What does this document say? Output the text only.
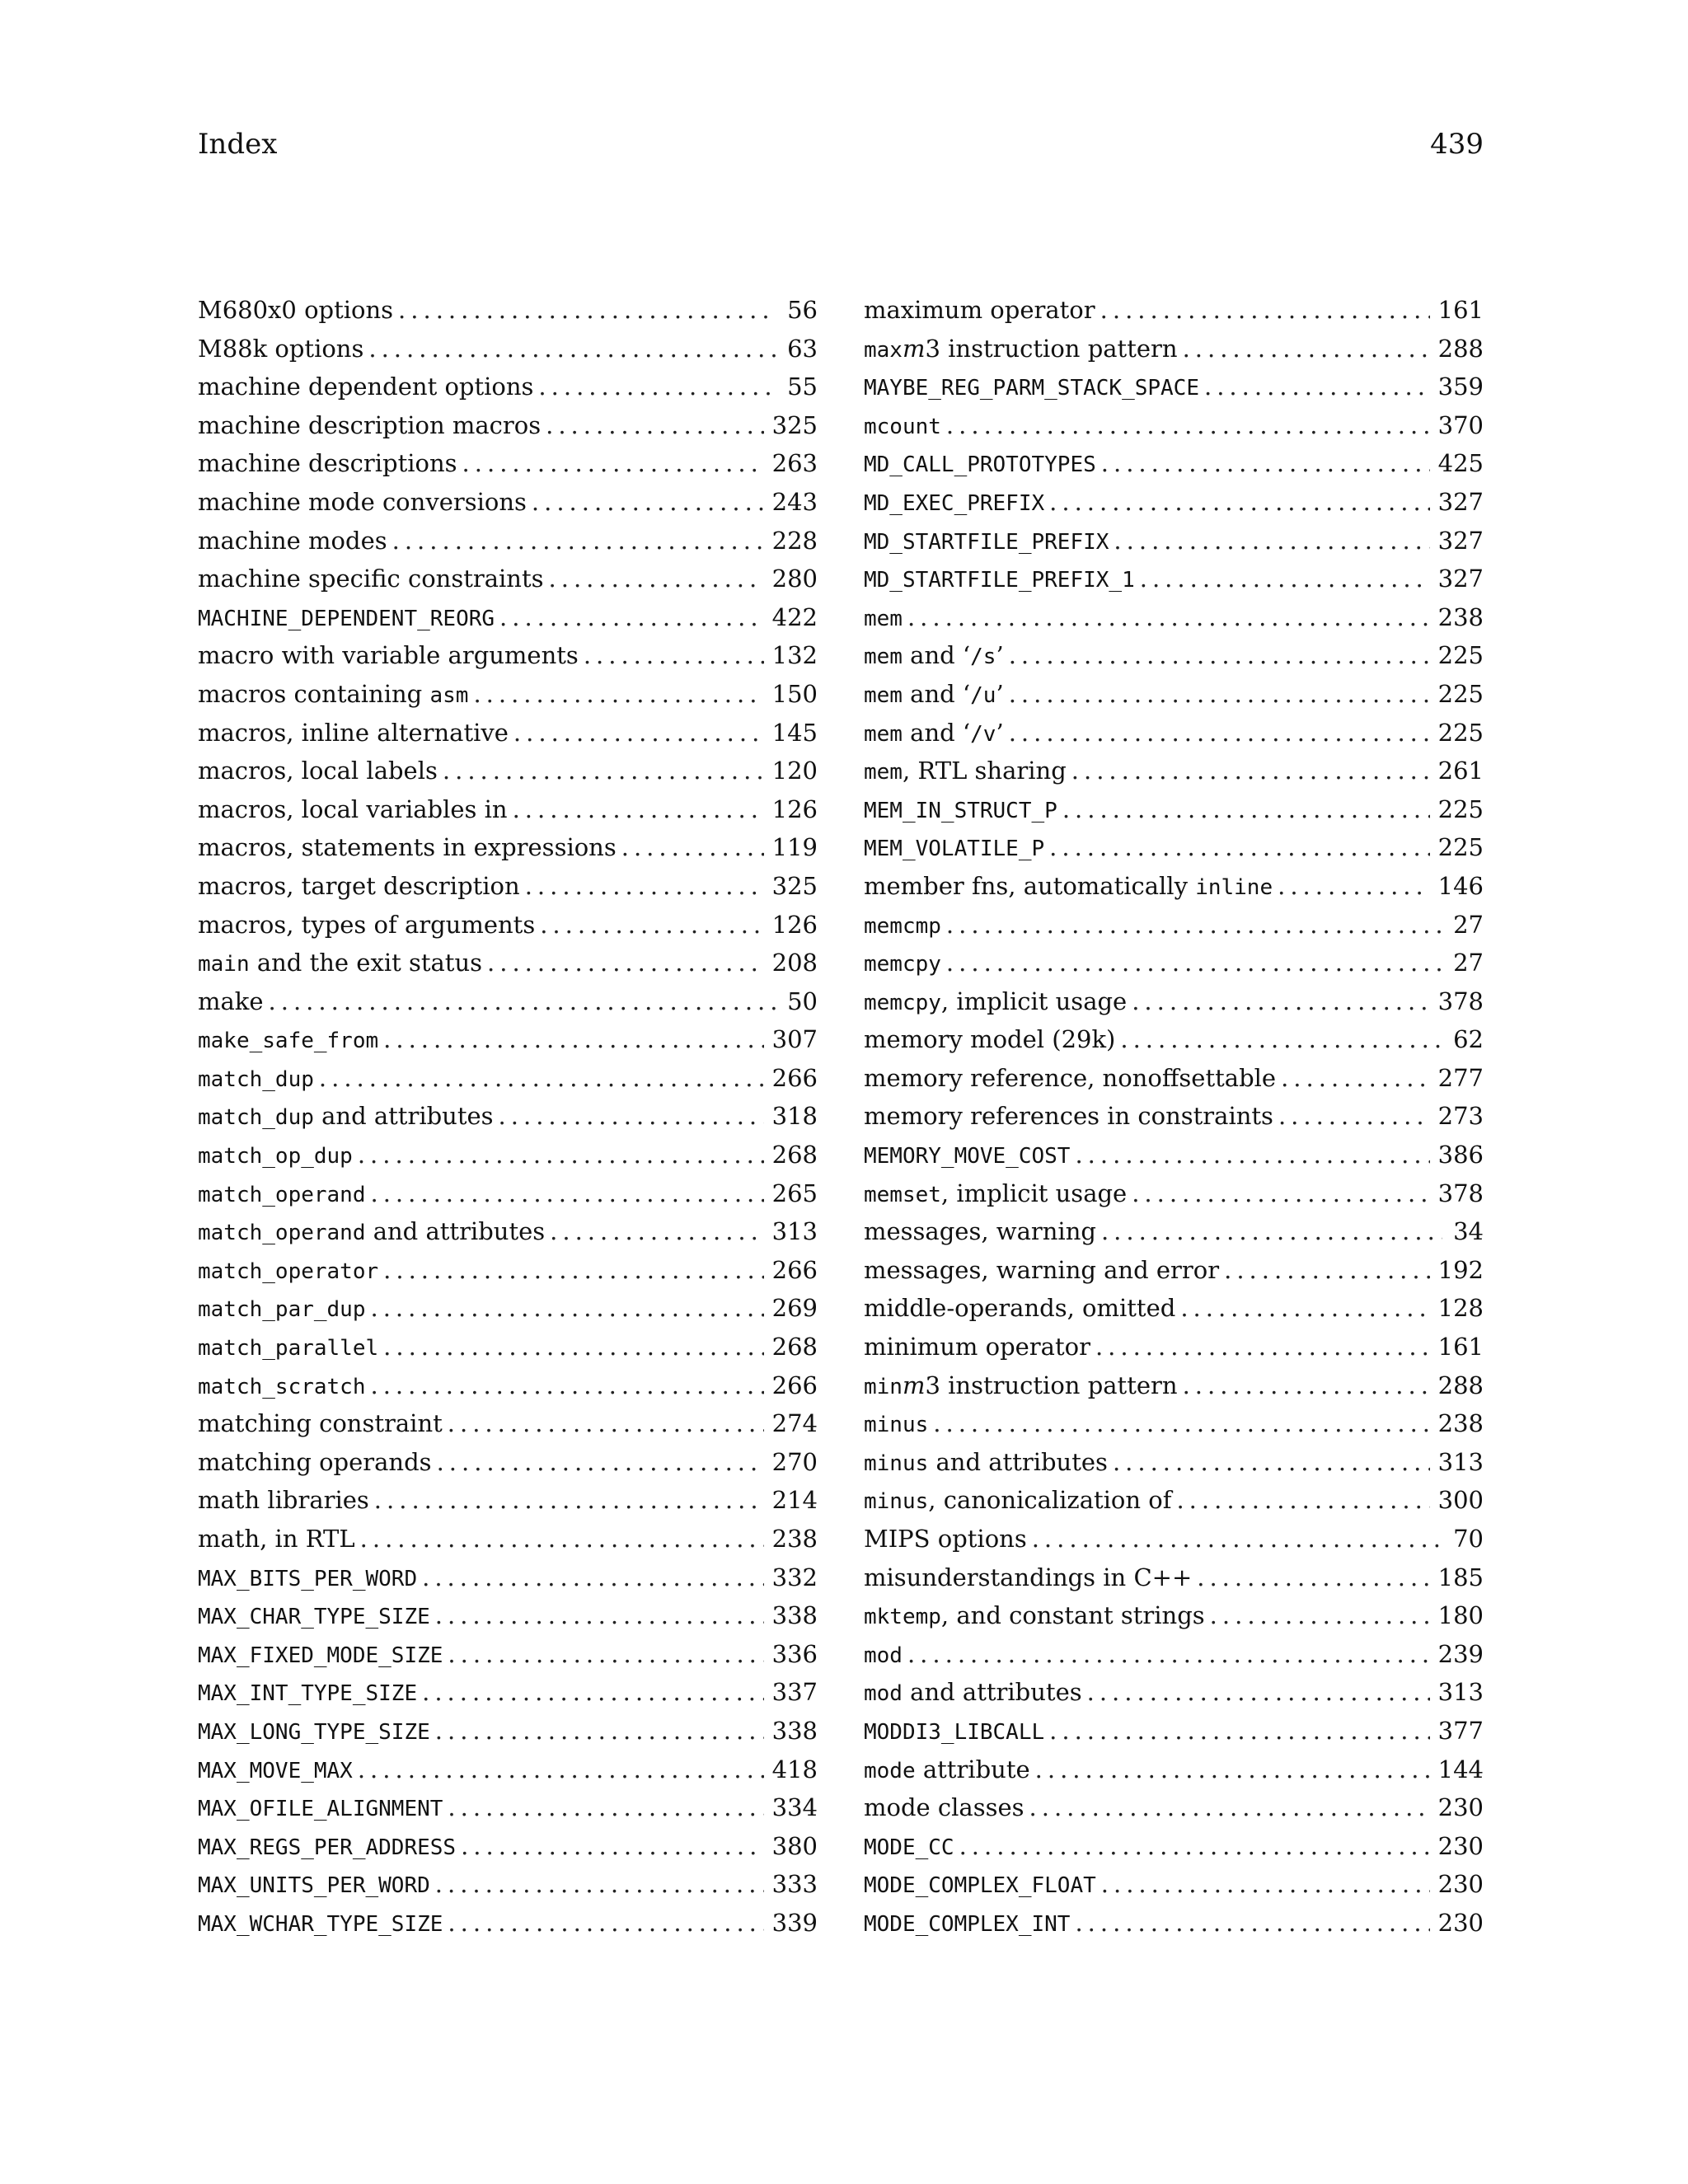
Index	439
M680x0 options .....	56
M88k options .....	63
machine dependent options .....	55
machine description macros .....	325
machine descriptions .....	263
machine mode conversions .....	243
machine modes .....	228
machine specific constraints .....	280
MACHINE_DEPENDENT_REORG .....	422
macro with variable arguments .....	132
macros containing asm .....	150
macros, inline alternative .....	145
macros, local labels .....	120
macros, local variables in .....	126
macros, statements in expressions .....	119
macros, target description .....	325
macros, types of arguments .....	126
main and the exit status .....	208
make .....	50
make_safe_from .....	307
match_dup .....	266
match_dup and attributes .....	318
match_op_dup .....	268
match_operand .....	265
match_operand and attributes .....	313
match_operator .....	266
match_par_dup .....	269
match_parallel .....	268
match_scratch .....	266
matching constraint .....	274
matching operands .....	270
math libraries .....	214
math, in RTL .....	238
MAX_BITS_PER_WORD .....	332
MAX_CHAR_TYPE_SIZE .....	338
MAX_FIXED_MODE_SIZE .....	336
MAX_INT_TYPE_SIZE .....	337
MAX_LONG_TYPE_SIZE .....	338
MAX_MOVE_MAX .....	418
MAX_OFILE_ALIGNMENT .....	334
MAX_REGS_PER_ADDRESS .....	380
MAX_UNITS_PER_WORD .....	333
MAX_WCHAR_TYPE_SIZE .....	339
maximum operator .....	161
maxm3 instruction pattern .....	288
MAYBE_REG_PARM_STACK_SPACE .....	359
mcount .....	370
MD_CALL_PROTOTYPES .....	425
MD_EXEC_PREFIX .....	327
MD_STARTFILE_PREFIX .....	327
MD_STARTFILE_PREFIX_1 .....	327
mem .....	238
mem and ‘/s’ .....	225
mem and ‘/u’ .....	225
mem and ‘/v’ .....	225
mem, RTL sharing .....	261
MEM_IN_STRUCT_P .....	225
MEM_VOLATILE_P .....	225
member fns, automatically inline .....	146
memcmp .....	27
memcpy .....	27
memcpy, implicit usage .....	378
memory model (29k) .....	62
memory reference, nonoffsettable .....	277
memory references in constraints .....	273
MEMORY_MOVE_COST .....	386
memset, implicit usage .....	378
messages, warning .....	34
messages, warning and error .....	192
middle-operands, omitted .....	128
minimum operator .....	161
minm3 instruction pattern .....	288
minus .....	238
minus and attributes .....	313
minus, canonicalization of .....	300
MIPS options .....	70
misunderstandings in C++ .....	185
mktemp, and constant strings .....	180
mod .....	239
mod and attributes .....	313
MODDI3_LIBCALL .....	377
mode attribute .....	144
mode classes .....	230
MODE_CC .....	230
MODE_COMPLEX_FLOAT .....	230
MODE_COMPLEX_INT .....	230
